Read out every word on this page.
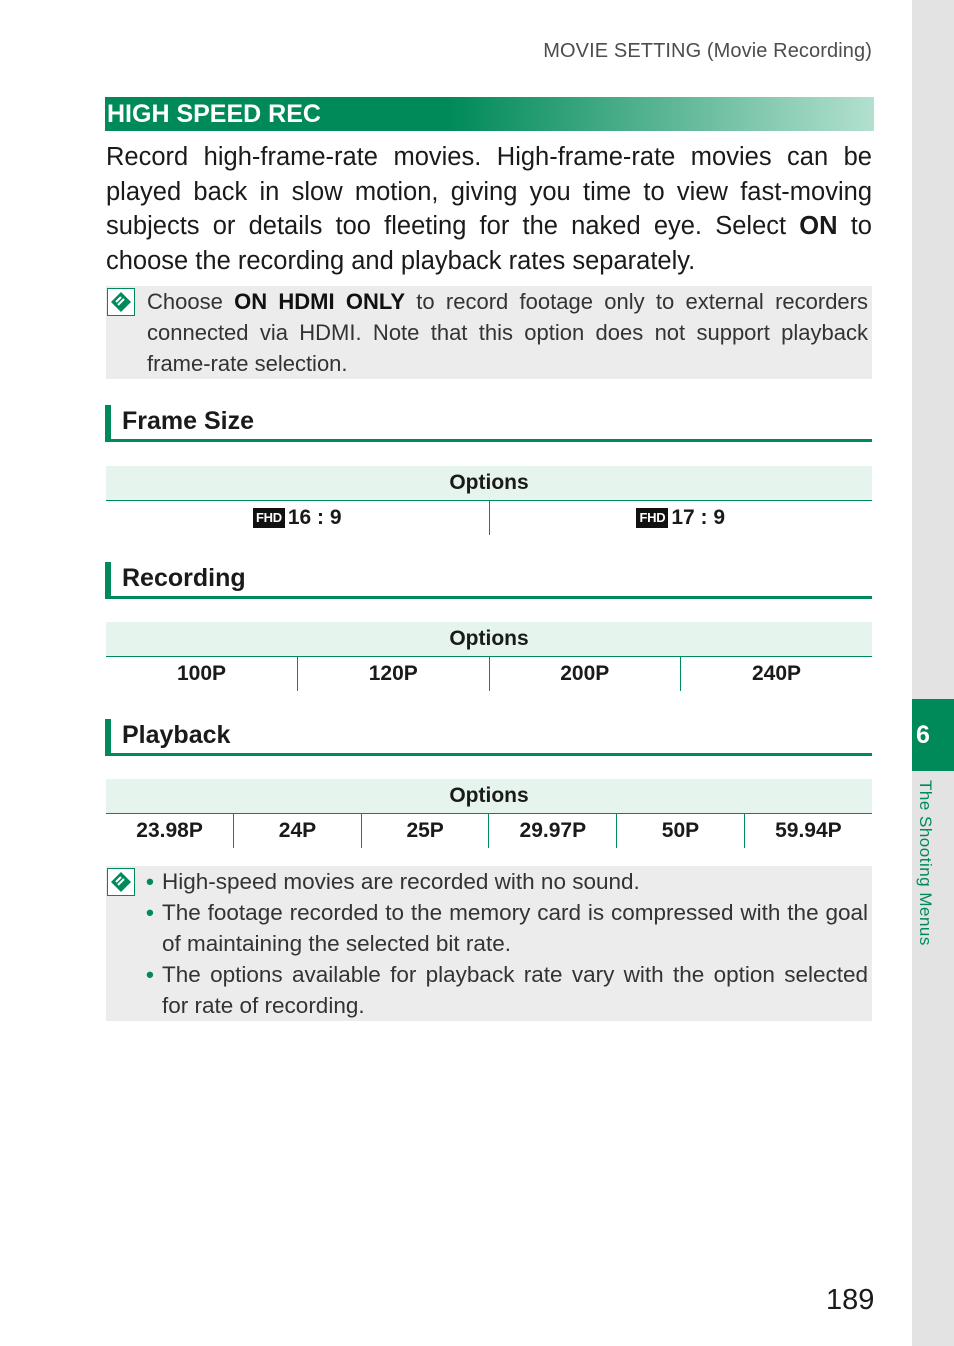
6
The Shooting Menus
MOVIE SETTING (Movie Recording)
HIGH SPEED REC
Record high-frame-rate movies. High-frame-rate movies can be played back in slow motion, giving you time to view fast-moving subjects or details too fleeting for the naked eye. Select ON to choose the recording and playback rates separately.
Choose ON HDMI ONLY to record footage only to external recorders connected via HDMI. Note that this option does not support playback frame-rate selection.
Frame Size
Options
FHD 16 : 9	FHD 17 : 9
Recording
Options
100P	120P	200P	240P
Playback
Options
23.98P	24P	25P	29.97P	50P	59.94P
• High-speed movies are recorded with no sound.
• The footage recorded to the memory card is compressed with the goal of maintaining the selected bit rate.
• The options available for playback rate vary with the option selected for rate of recording.
189
